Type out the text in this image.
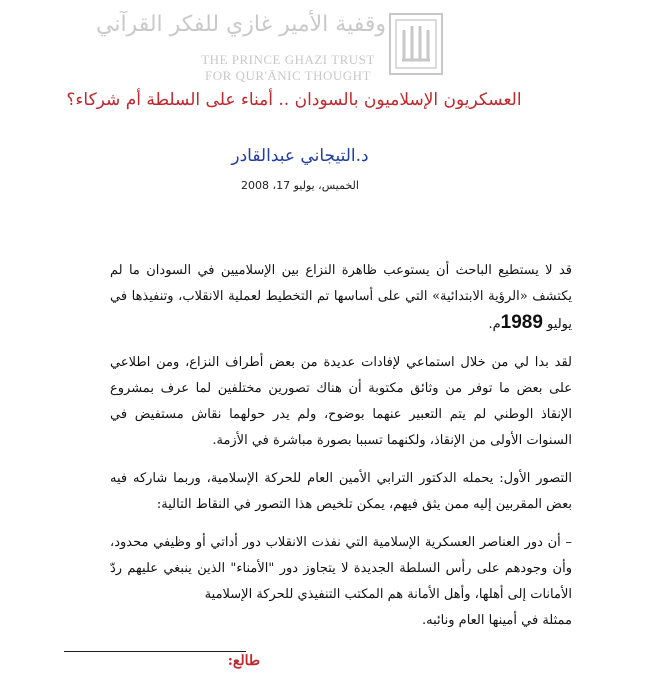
وقفية الأمير غازي للفكر القرآني
THE PRINCE GHAZI TRUST
FOR QUR'ĀNIC THOUGHT
العسكريون الإسلاميون بالسودان .. أمناء على السلطة أم شركاء؟
د.التيجاني عبدالقادر
الخميس، يوليو 17، 2008

قد لا يستطيع الباحث أن يستوعب ظاهرة النزاع بين الإسلاميين في السودان ما لم يكتشف «الرؤية الابتدائية» التي على أساسها تم التخطيط لعملية الانقلاب، وتنفيذها في يوليو 1989م.

لقد بدا لي من خلال استماعي لإفادات عديدة من بعض أطراف النزاع، ومن اطلاعي على بعض ما توفر من وثائق مكتوبة أن هناك تصورين مختلفين لما عرف بمشروع الإنقاذ الوطني لم يتم التعبير عنهما بوضوح، ولم يدر حولهما نقاش مستفيض في السنوات الأولى من الإنقاذ، ولكنهما تسببا بصورة مباشرة في الأزمة.

التصور الأول: يحمله الدكتور الترابي الأمين العام للحركة الإسلامية، وربما شاركه فيه بعض المقربين إليه ممن يثق فيهم، يمكن تلخيص هذا التصور في النقاط التالية:

– أن دور العناصر العسكرية الإسلامية التي نفذت الانقلاب دور أداتي أو وظيفي محدود، وأن وجودهم على رأس السلطة الجديدة لا يتجاوز دور "الأمناء" الذين ينبغي عليهم ردّ الأمانات إلى أهلها، وأهل الأمانة هم المكتب التنفيذي للحركة الإسلامية

ممثلة في أمينها العام ونائبه.

طالع:
